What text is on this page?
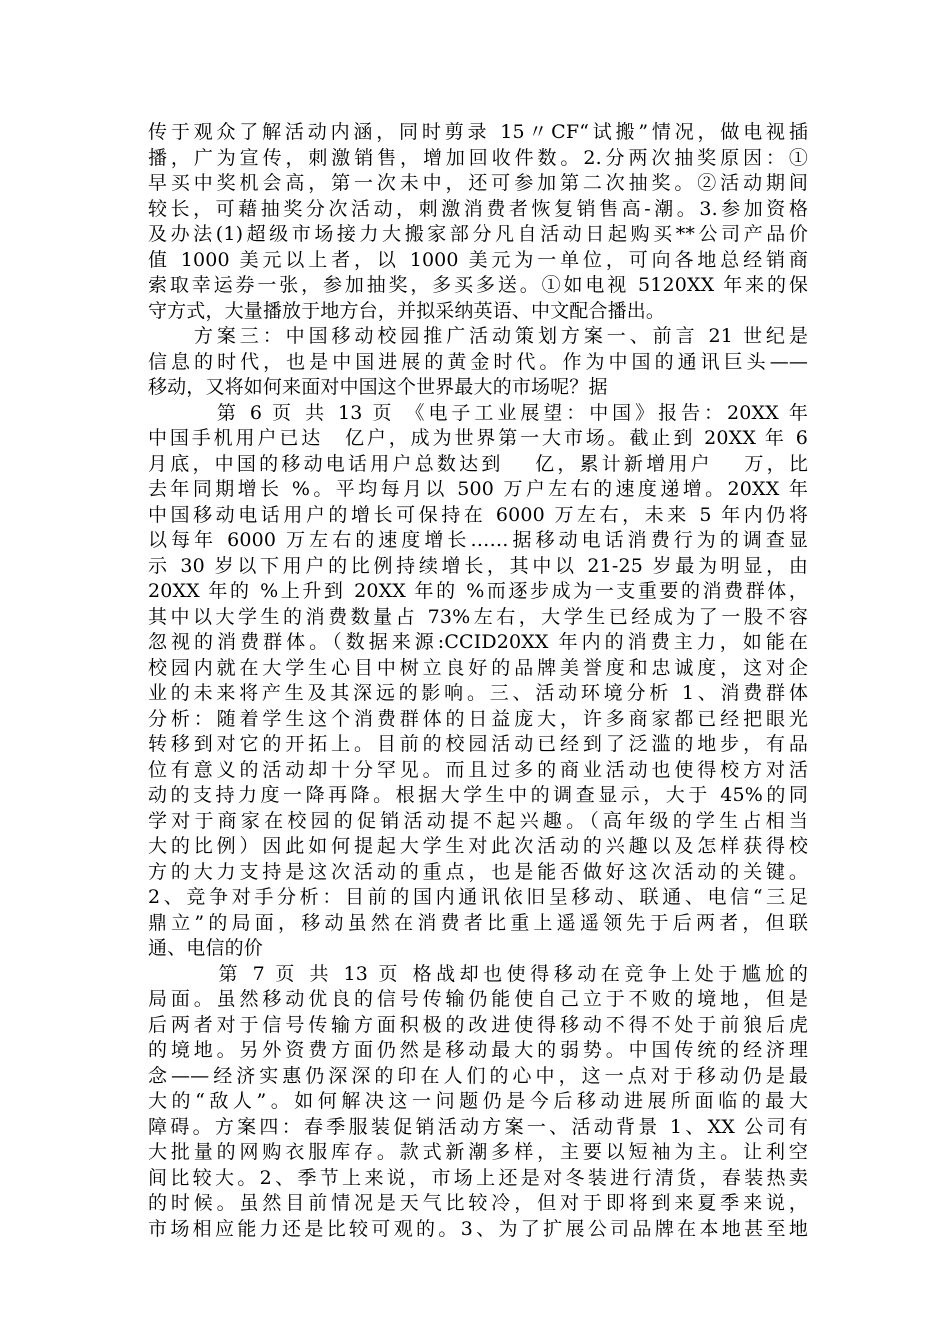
传于观众了解活动内涵，同时剪录 15〃CF“试搬”情况，做电视插
播，广为宣传，刺激销售，增加回收件数。2.分两次抽奖原因：①
早买中奖机会高，第一次未中，还可参加第二次抽奖。②活动期间
较长，可藉抽奖分次活动，刺激消费者恢复销售高-潮。3.参加资格
及办法(1)超级市场接力大搬家部分凡自活动日起购买**公司产品价
值 1000 美元以上者，以 1000 美元为一单位，可向各地总经销商
索取幸运券一张，参加抽奖，多买多送。①如电视 5120XX 年来的保
守方式，大量播放于地方台，并拟采纳英语、中文配合播出。
　　方案三：中国移动校园推广活动策划方案一、前言 21 世纪是
信息的时代，也是中国进展的黄金时代。作为中国的通讯巨头——
移动，又将如何来面对中国这个世界最大的市场呢？据
　　　第 6 页 共 13 页 《电子工业展望：中国》报告：20XX 年
中国手机用户已达　亿户，成为世界第一大市场。截止到 20XX 年 6
月底，中国的移动电话用户总数达到　 亿，累计新增用户　 万，比
去年同期增长 %。平均每月以 500 万户左右的速度递增。20XX 年
中国移动电话用户的增长可保持在 6000 万左右，未来 5 年内仍将
以每年 6000 万左右的速度增长……据移动电话消费行为的调查显
示 30 岁以下用户的比例持续增长，其中以 21-25 岁最为明显，由
20XX 年的 %上升到 20XX 年的 %而逐步成为一支重要的消费群体，
其中以大学生的消费数量占 73%左右，大学生已经成为了一股不容
忽视的消费群体。（数据来源:CCID20XX 年内的消费主力，如能在
校园内就在大学生心目中树立良好的品牌美誉度和忠诚度，这对企
业的未来将产生及其深远的影响。三、活动环境分析 1、消费群体
分析：随着学生这个消费群体的日益庞大，许多商家都已经把眼光
转移到对它的开拓上。目前的校园活动已经到了泛滥的地步，有品
位有意义的活动却十分罕见。而且过多的商业活动也使得校方对活
动的支持力度一降再降。根据大学生中的调查显示，大于 45%的同
学对于商家在校园的促销活动提不起兴趣。（高年级的学生占相当
大的比例）因此如何提起大学生对此次活动的兴趣以及怎样获得校
方的大力支持是这次活动的重点，也是能否做好这次活动的关键。
2、竞争对手分析：目前的国内通讯依旧呈移动、联通、电信“三足
鼎立”的局面，移动虽然在消费者比重上遥遥领先于后两者，但联
通、电信的价
　　　第 7 页 共 13 页 格战却也使得移动在竞争上处于尴尬的
局面。虽然移动优良的信号传输仍能使自己立于不败的境地，但是
后两者对于信号传输方面积极的改进使得移动不得不处于前狼后虎
的境地。另外资费方面仍然是移动最大的弱势。中国传统的经济理
念——经济实惠仍深深的印在人们的心中，这一点对于移动仍是最
大的“敌人”。如何解决这一问题仍是今后移动进展所面临的最大
障碍。方案四：春季服装促销活动方案一、活动背景 1、XX 公司有
大批量的网购衣服库存。款式新潮多样，主要以短袖为主。让利空
间比较大。2、季节上来说，市场上还是对冬装进行清货，春装热卖
的时候。虽然目前情况是天气比较冷，但对于即将到来夏季来说，
市场相应能力还是比较可观的。3、为了扩展公司品牌在本地甚至地
